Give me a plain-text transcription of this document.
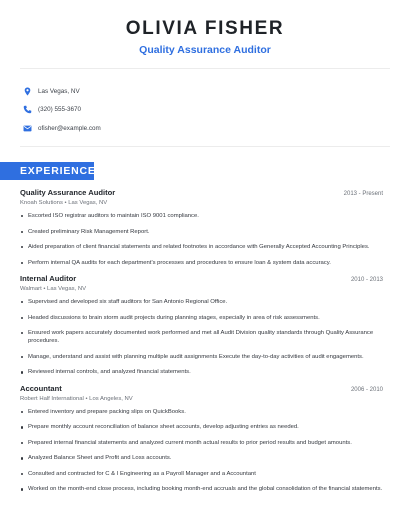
OLIVIA FISHER
Quality Assurance Auditor
Las Vegas, NV
(320) 555-3670
ofisher@example.com
EXPERIENCE
Quality Assurance Auditor	2013 - Present
Knoah Solutions • Las Vegas, NV
Escorted ISO registrar auditors to maintain ISO 9001 compliance.
Created preliminary Risk Management Report.
Aided preparation of client financial statements and related footnotes in accordance with Generally Accepted Accounting Principles.
Perform internal QA audits for each department's processes and procedures to ensure loan & system data accuracy.
Internal Auditor	2010 - 2013
Walmart • Las Vegas, NV
Supervised and developed six staff auditors for San Antonio Regional Office.
Headed discussions to brain storm audit projects during planning stages, especially in area of risk assessments.
Ensured work papers accurately documented work performed and met all Audit Division quality standards through Quality Assurance procedures.
Manage, understand and assist with planning multiple audit assignments Execute the day-to-day activities of audit engagements.
Reviewed internal controls, and analyzed financial statements.
Accountant	2006 - 2010
Robert Half International • Los Angeles, NV
Entered inventory and prepare packing slips on QuickBooks.
Prepare monthly account reconciliation of balance sheet accounts, develop adjusting entries as needed.
Prepared internal financial statements and analyzed current month actual results to prior period results and budget amounts.
Analyzed Balance Sheet and Profit and Loss accounts.
Consulted and contracted for C & I Engineering as a Payroll Manager and a Accountant
Worked on the month-end close process, including booking month-end accruals and the global consolidation of the financial statements.
